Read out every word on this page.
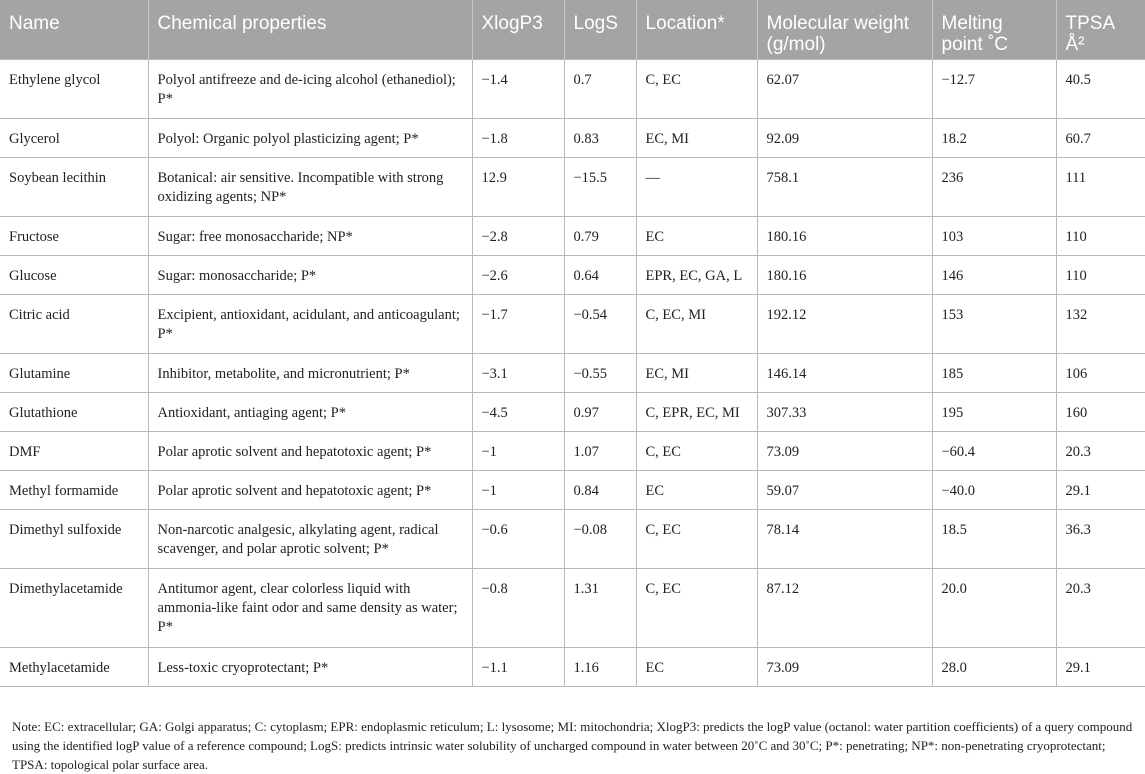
Name	Chemical properties	XlogP3	LogS	Location*	Molecular weight (g/mol)	Melting point ˚C	TPSA Å²
Ethylene glycol	Polyol antifreeze and de-icing alcohol (ethanediol); P*	−1.4	0.7	C, EC	62.07	−12.7	40.5
Glycerol	Polyol: Organic polyol plasticizing agent; P*	−1.8	0.83	EC, MI	92.09	18.2	60.7
Soybean lecithin	Botanical: air sensitive. Incompatible with strong oxidizing agents; NP*	12.9	−15.5	—	758.1	236	111
Fructose	Sugar: free monosaccharide; NP*	−2.8	0.79	EC	180.16	103	110
Glucose	Sugar: monosaccharide; P*	−2.6	0.64	EPR, EC, GA, L	180.16	146	110
Citric acid	Excipient, antioxidant, acidulant, and anticoagulant; P*	−1.7	−0.54	C, EC, MI	192.12	153	132
Glutamine	Inhibitor, metabolite, and micronutrient; P*	−3.1	−0.55	EC, MI	146.14	185	106
Glutathione	Antioxidant, antiaging agent; P*	−4.5	0.97	C, EPR, EC, MI	307.33	195	160
DMF	Polar aprotic solvent and hepatotoxic agent; P*	−1	1.07	C, EC	73.09	−60.4	20.3
Methyl formamide	Polar aprotic solvent and hepatotoxic agent; P*	−1	0.84	EC	59.07	−40.0	29.1
Dimethyl sulfoxide	Non-narcotic analgesic, alkylating agent, radical scavenger, and polar aprotic solvent; P*	−0.6	−0.08	C, EC	78.14	18.5	36.3
Dimethylacetamide	Antitumor agent, clear colorless liquid with ammonia-like faint odor and same density as water; P*	−0.8	1.31	C, EC	87.12	20.0	20.3
Methylacetamide	Less-toxic cryoprotectant; P*	−1.1	1.16	EC	73.09	28.0	29.1

Note: EC: extracellular; GA: Golgi apparatus; C: cytoplasm; EPR: endoplasmic reticulum; L: lysosome; MI: mitochondria; XlogP3: predicts the logP value (octanol: water partition coefficients) of a query compound using the identified logP value of a reference compound; LogS: predicts intrinsic water solubility of uncharged compound in water between 20˚C and 30˚C; P*: penetrating; NP*: non-penetrating cryoprotectant; TPSA: topological polar surface area.
